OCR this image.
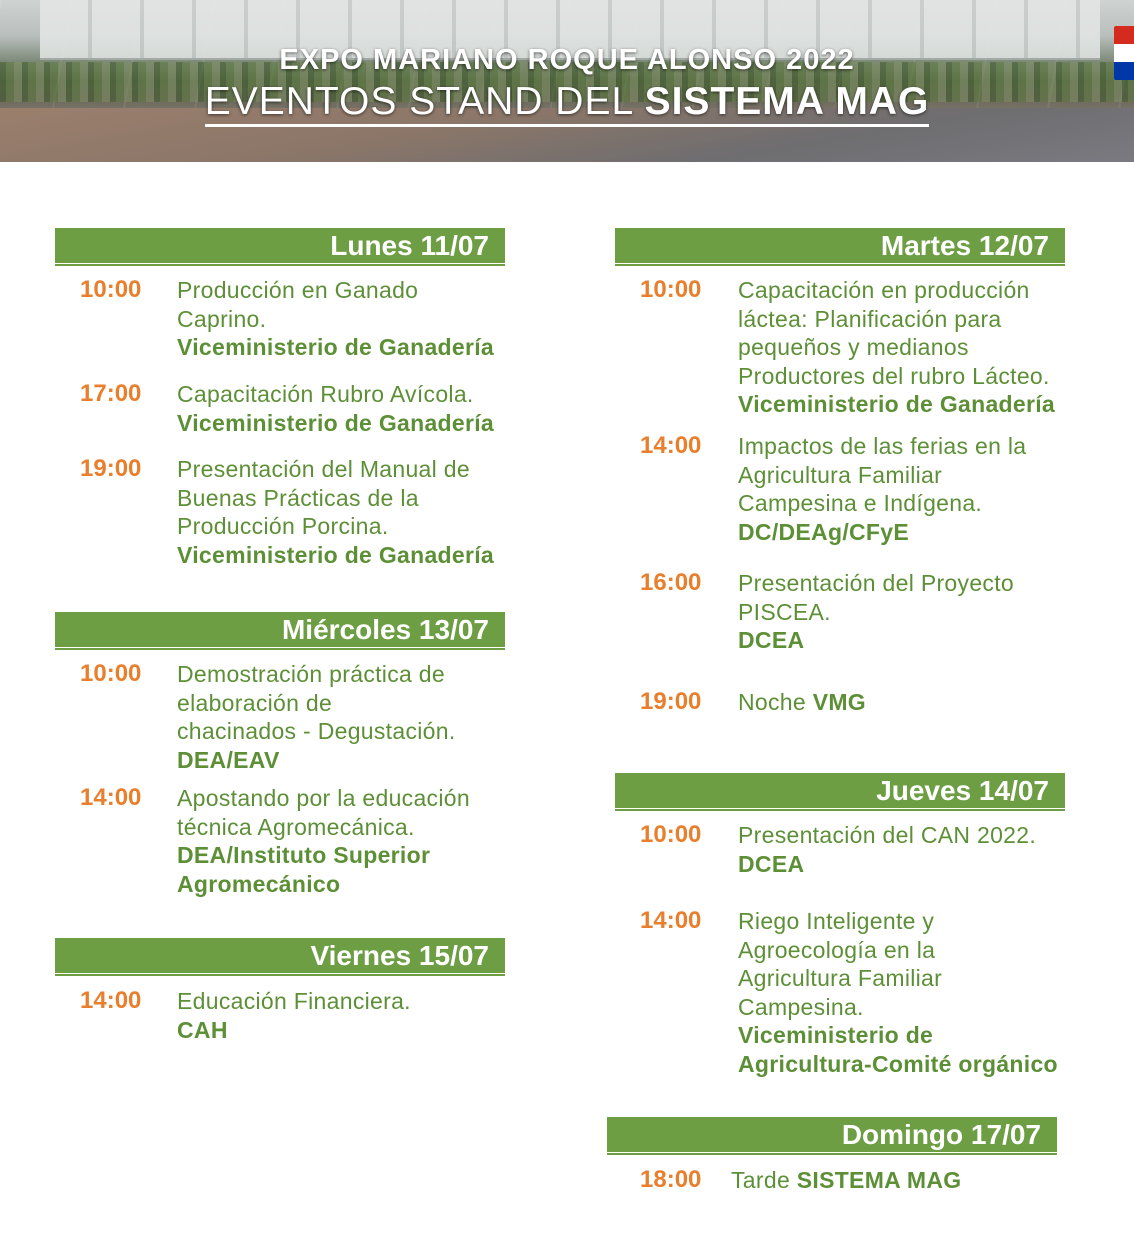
EXPO MARIANO ROQUE ALONSO 2022
EVENTOS STAND DEL SISTEMA MAG
Lunes 11/07
10:00 Producción en Ganado
Caprino.
Viceministerio de Ganadería
17:00 Capacitación Rubro Avícola.
Viceministerio de Ganadería
19:00 Presentación del Manual de
Buenas Prácticas de la
Producción Porcina.
Viceministerio de Ganadería
Miércoles 13/07
10:00 Demostración práctica de
elaboración de
chacinados - Degustación.
DEA/EAV
14:00 Apostando por la educación
técnica Agromecánica.
DEA/Instituto Superior
Agromecánico
Viernes 15/07
14:00 Educación Financiera.
CAH
Martes 12/07
10:00 Capacitación en producción
láctea: Planificación para
pequeños y medianos
Productores del rubro Lácteo.
Viceministerio de Ganadería
14:00 Impactos de las ferias en la
Agricultura Familiar
Campesina e Indígena.
DC/DEAg/CFyE
16:00 Presentación del Proyecto
PISCEA.
DCEA
19:00 Noche VMG
Jueves 14/07
10:00 Presentación del CAN 2022.
DCEA
14:00 Riego Inteligente y
Agroecología en la
Agricultura Familiar
Campesina.
Viceministerio de
Agricultura-Comité orgánico
Domingo 17/07
18:00 Tarde SISTEMA MAG
